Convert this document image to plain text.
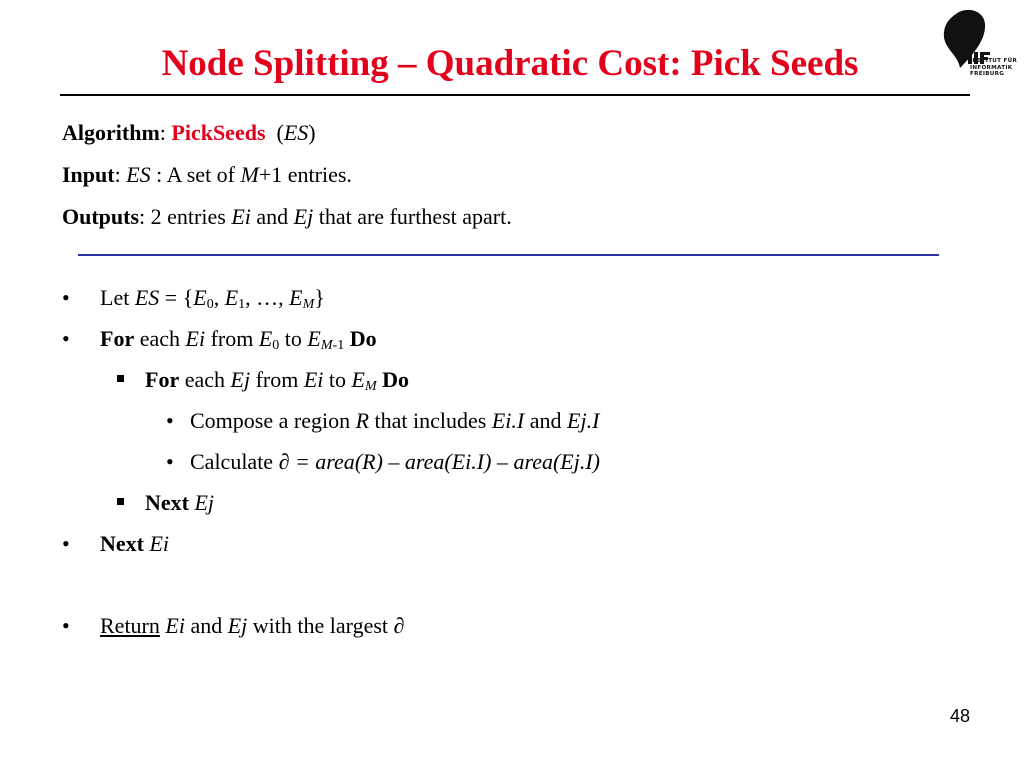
Node Splitting – Quadratic Cost: Pick Seeds	INSTITUT FÜR
INFORMATIK
FREIBURG
Algorithm: PickSeeds  (ES)
Input: ES : A set of M+1 entries.
Outputs: 2 entries Ei and Ej that are furthest apart.
• Let ES = {$E_0$, $E_1$, …, $E_M$}
• For each Ei from $E_0$ to $E_{M-1}$ Do
For each Ej from Ei to $E_M$ Do
• Compose a region R that includes Ei.I and Ej.I
• Calculate ∂ = area(R) – area(Ei.I) – area(Ej.I)
Next Ej
• Next Ei
• Return Ei and Ej with the largest ∂
48
